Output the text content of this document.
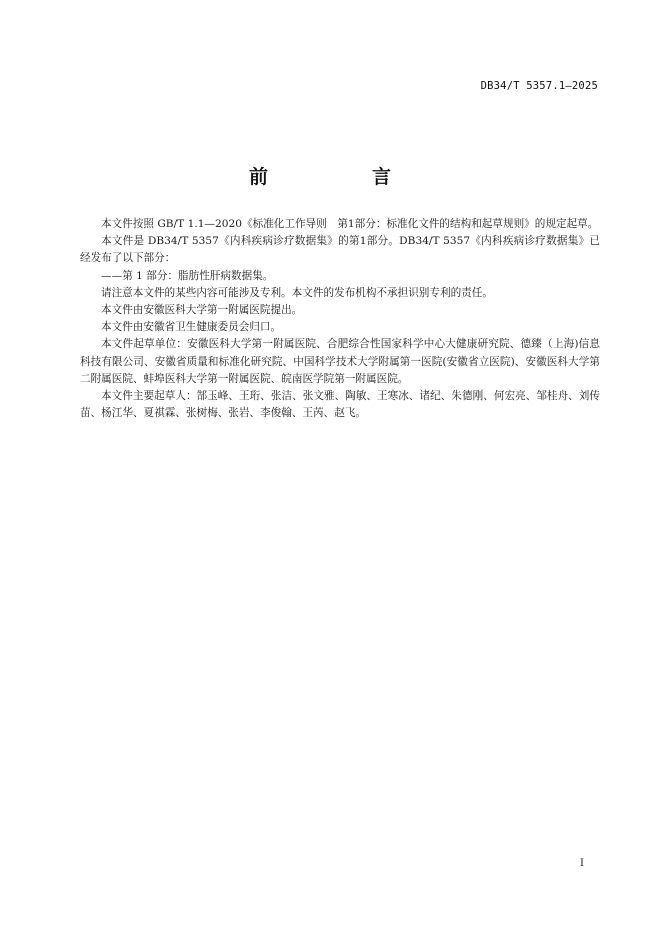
DB34/T 5357.1—2025
前　　言

本文件按照 GB/T 1.1—2020《标准化工作导则　第1部分：标准化文件的结构和起草规则》的规定起草。

本文件是 DB34/T 5357《内科疾病诊疗数据集》的第1部分。DB34/T 5357《内科疾病诊疗数据集》已经发布了以下部分：

——第 1 部分：脂肪性肝病数据集。

请注意本文件的某些内容可能涉及专利。本文件的发布机构不承担识别专利的责任。

本文件由安徽医科大学第一附属医院提出。

本文件由安徽省卫生健康委员会归口。

本文件起草单位：安徽医科大学第一附属医院、合肥综合性国家科学中心大健康研究院、德臻（上海)信息科技有限公司、安徽省质量和标准化研究院、中国科学技术大学附属第一医院(安徽省立医院)、安徽医科大学第二附属医院、蚌埠医科大学第一附属医院、皖南医学院第一附属医院。

本文件主要起草人：郜玉峰、王珩、张洁、张文雅、陶敏、王寒冰、诸纪、朱德刚、何宏亮、邹桂舟、刘传苗、杨江华、夏祺霖、张树梅、张岩、李俊翰、王芮、赵飞。

I
